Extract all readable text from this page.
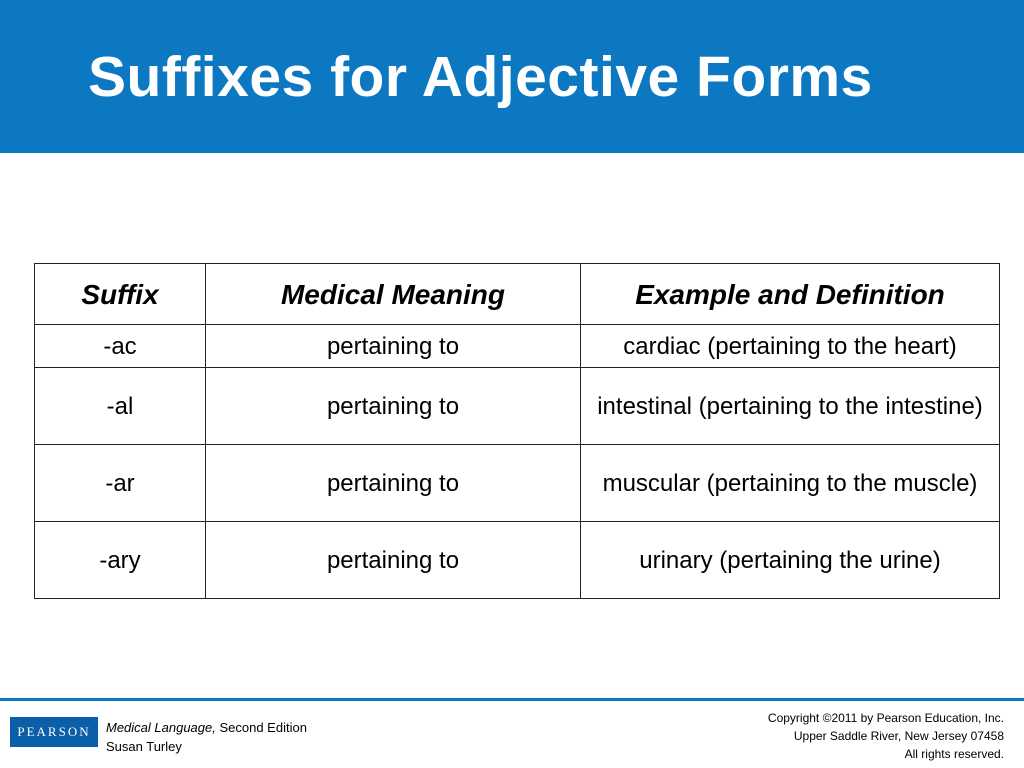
Suffixes for Adjective Forms
Suffix	Medical Meaning	Example and Definition
-ac	pertaining to	cardiac (pertaining to the heart)
-al	pertaining to	intestinal (pertaining to the intestine)
-ar	pertaining to	muscular (pertaining to the muscle)
-ary	pertaining to	urinary (pertaining the urine)
PEARSON Medical Language, Second Edition
Susan Turley
Copyright ©2011 by Pearson Education, Inc.
Upper Saddle River, New Jersey 07458
All rights reserved.
